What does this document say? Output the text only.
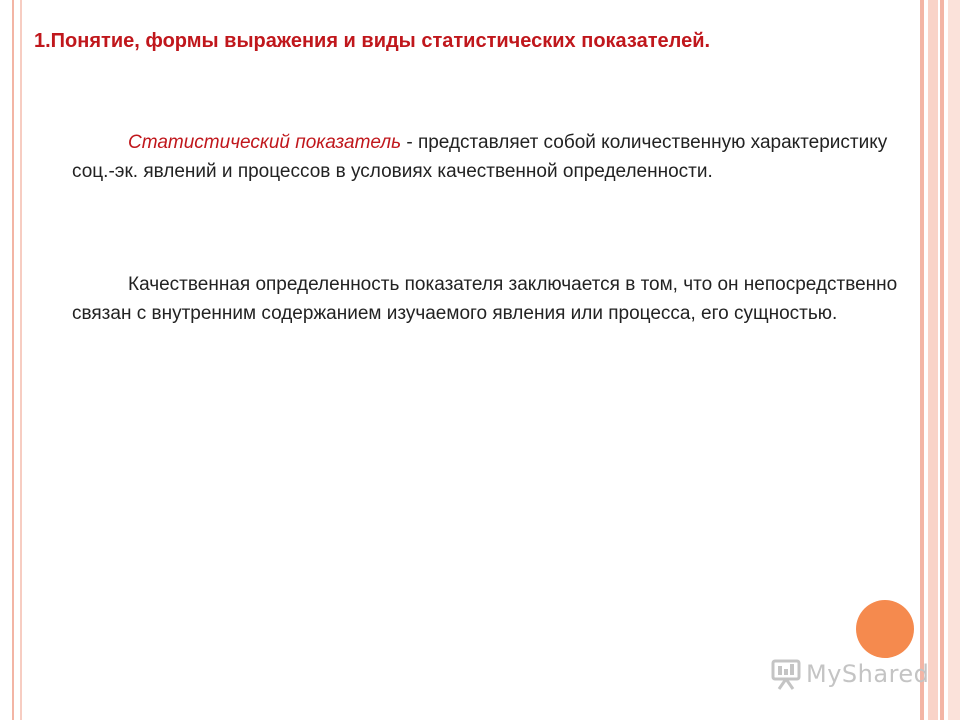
1.Понятие, формы выражения и виды статистических показателей.

Статистический показатель - представляет собой количественную характеристику соц.-эк. явлений и процессов в условиях качественной определенности.

Качественная определенность показателя заключается в том, что он непосредственно связан с внутренним содержанием изучаемого явления или процесса, его сущностью.

MyShared
